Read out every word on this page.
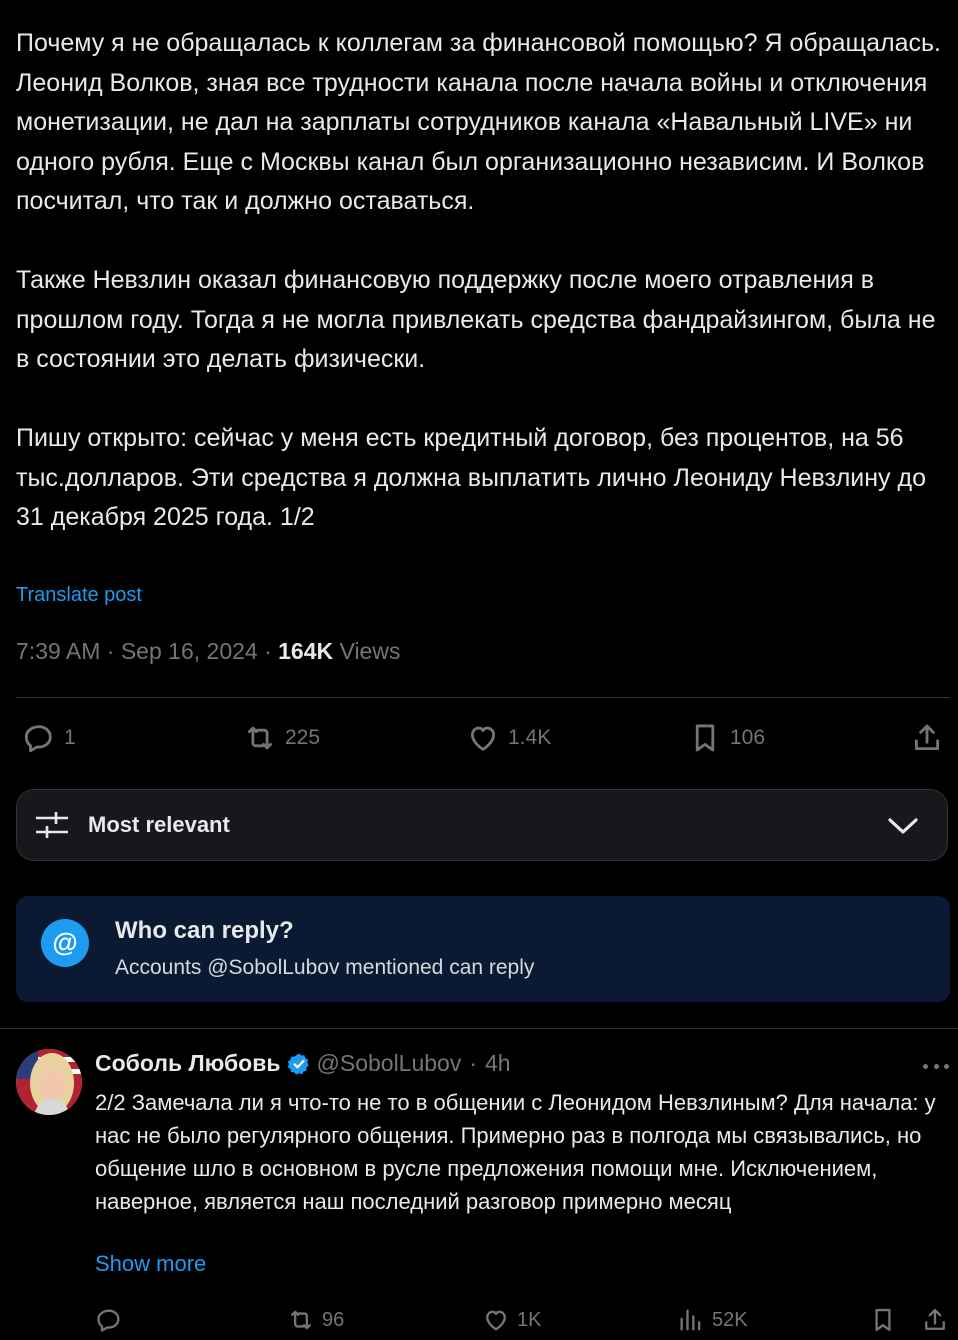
Почему я не обращалась к коллегам за финансовой помощью? Я обращалась. Леонид Волков, зная все трудности канала после начала войны и отключения монетизации, не дал на зарплаты сотрудников канала «Навальный LIVE» ни одного рубля. Еще с Москвы канал был организационно независим. И Волков посчитал, что так и должно оставаться.

Также Невзлин оказал финансовую поддержку после моего отравления в прошлом году. Тогда я не могла привлекать средства фандрайзингом, была не в состоянии это делать физически.

Пишу открыто: сейчас у меня есть кредитный договор, без процентов, на 56 тыс.долларов. Эти средства я должна выплатить лично Леониду Невзлину до 31 декабря 2025 года. 1/2

Translate post
7:39 AM · Sep 16, 2024 · 164K Views
1	225	1.4K	106
Most relevant
@	Who can reply?
Accounts @SobolLubov mentioned can reply
Соболь Любовь @SobolLubov · 4h
2/2 Замечала ли я что-то не то в общении с Леонидом Невзлиным? Для начала: у нас не было регулярного общения. Примерно раз в полгода мы связывались, но общение шло в основном в русле предложения помощи мне. Исключением, наверное, является наш последний разговор примерно месяц
Show more
96	1K	52K
